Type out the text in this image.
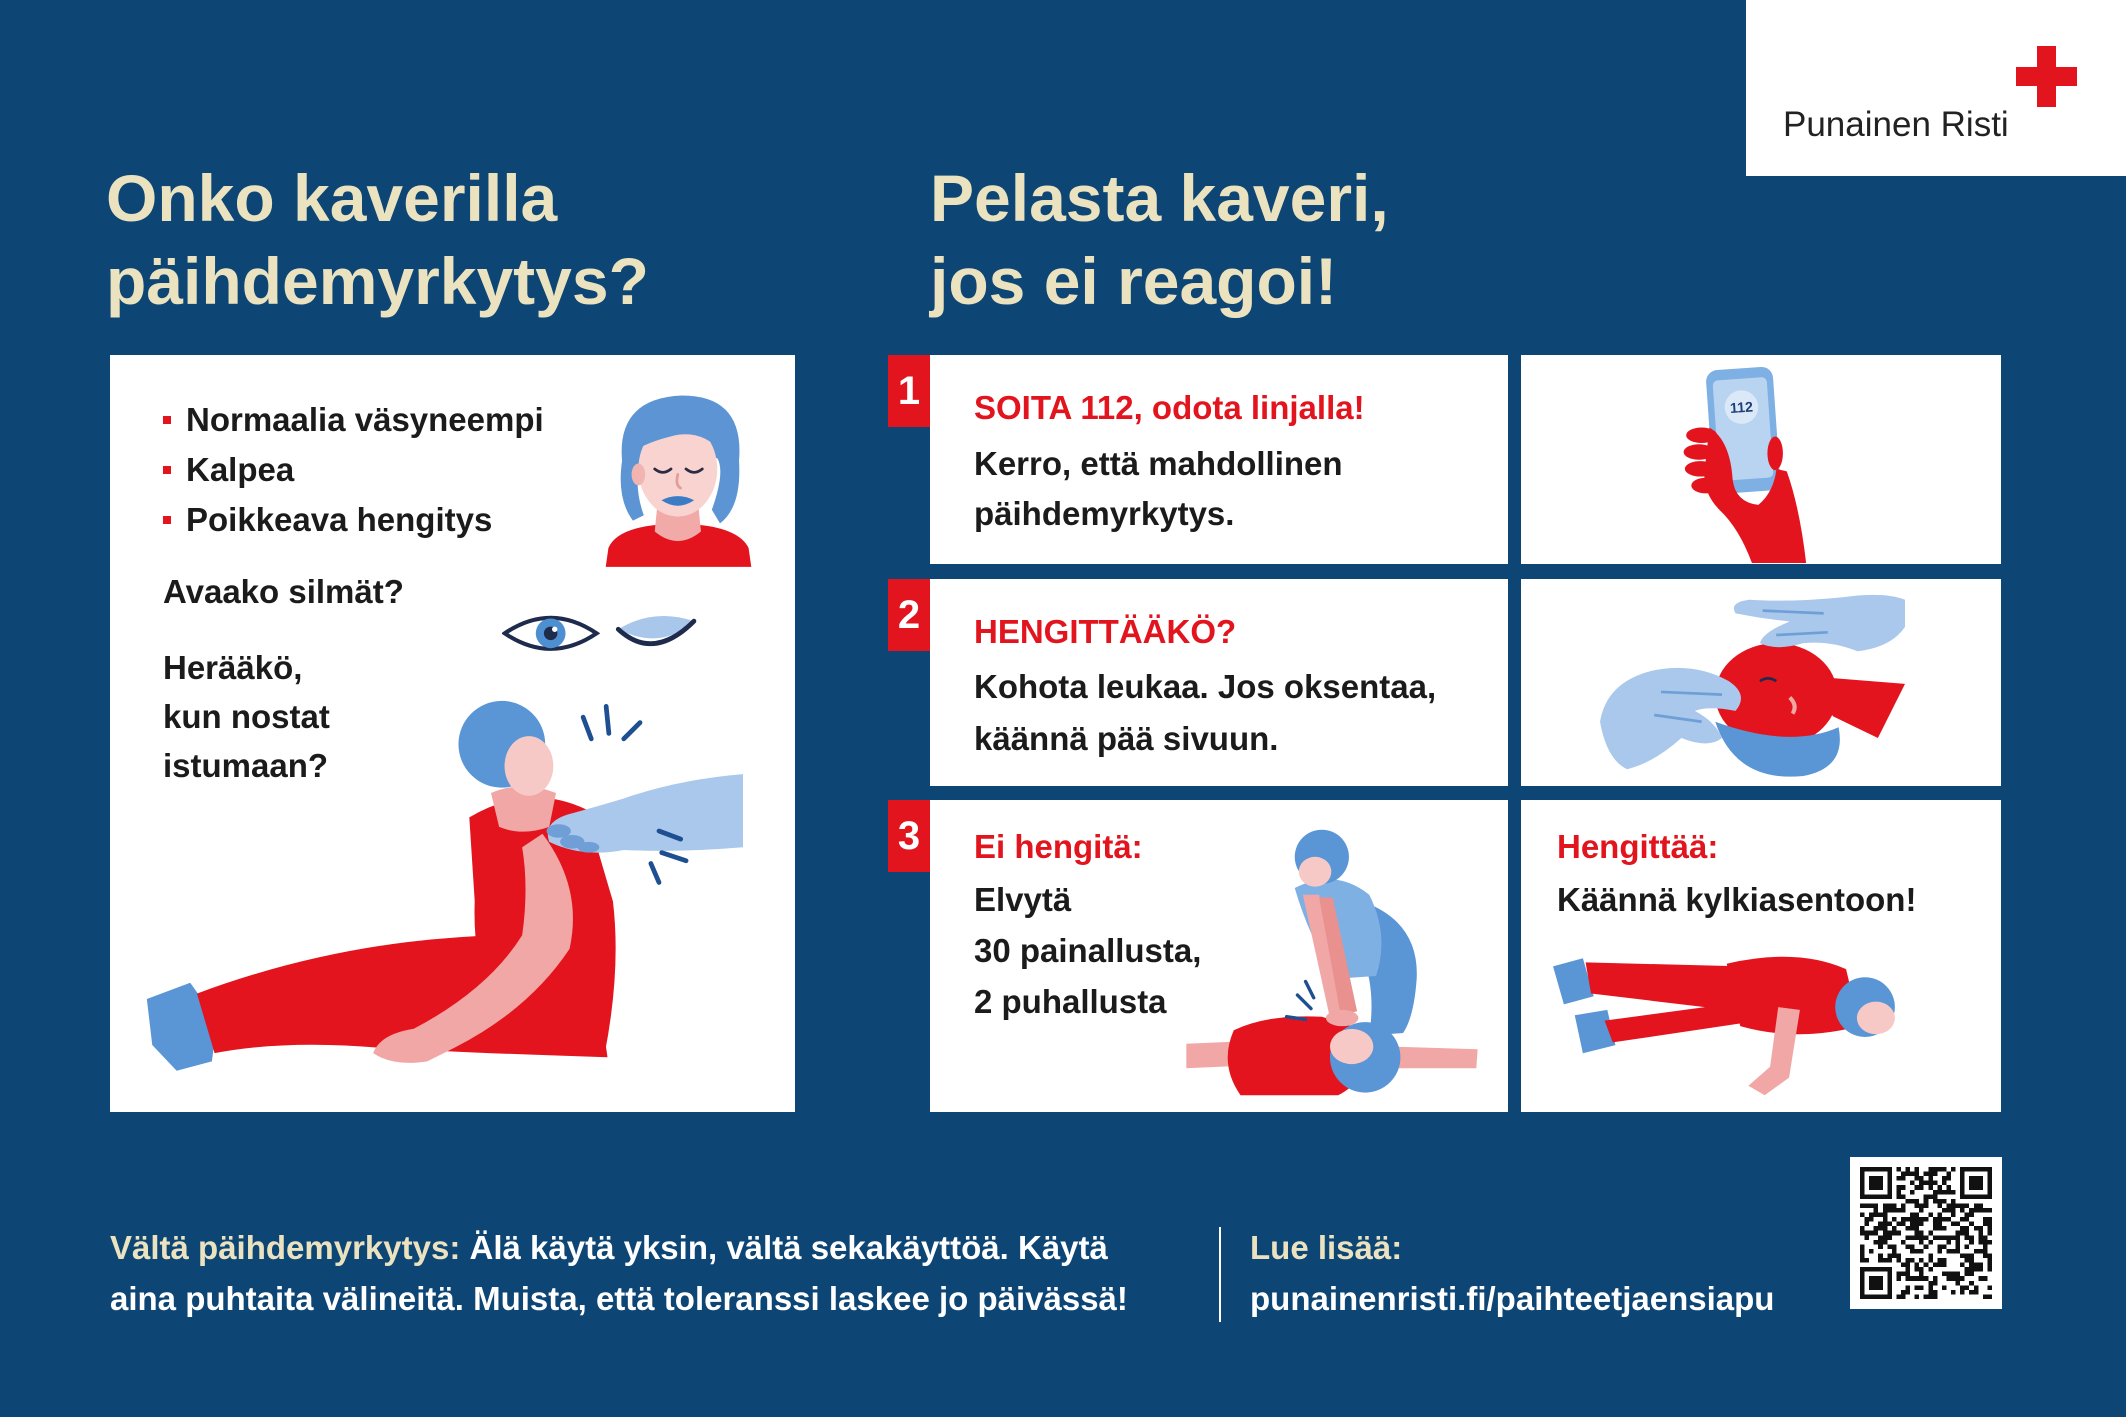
Punainen Risti
Onko kaverilla
päihdemyrkytys?
Pelasta kaveri,
jos ei reagoi!
Normaalia väsyneempi
Kalpea
Poikkeava hengitys

Avaako silmät?

Herääkö,
kun nostat
istumaan?

1
2
3

SOITA 112, odota linjalla!

Kerro, että mahdollinen

päihdemyrkytys.

112

HENGITTÄÄKÖ?

Kohota leukaa. Jos oksentaa,

käännä pää sivuun.

Ei hengitä:

Elvytä

30 painallusta,

2 puhallusta

Hengittää:

Käännä kylkiasentoon!

Vältä päihdemyrkytys: Älä käytä yksin, vältä sekakäyttöä. Käytä
aina puhtaita välineitä. Muista, että toleranssi laskee jo päivässä!
Lue lisää:
punainenristi.fi/paihteetjaensiapu
